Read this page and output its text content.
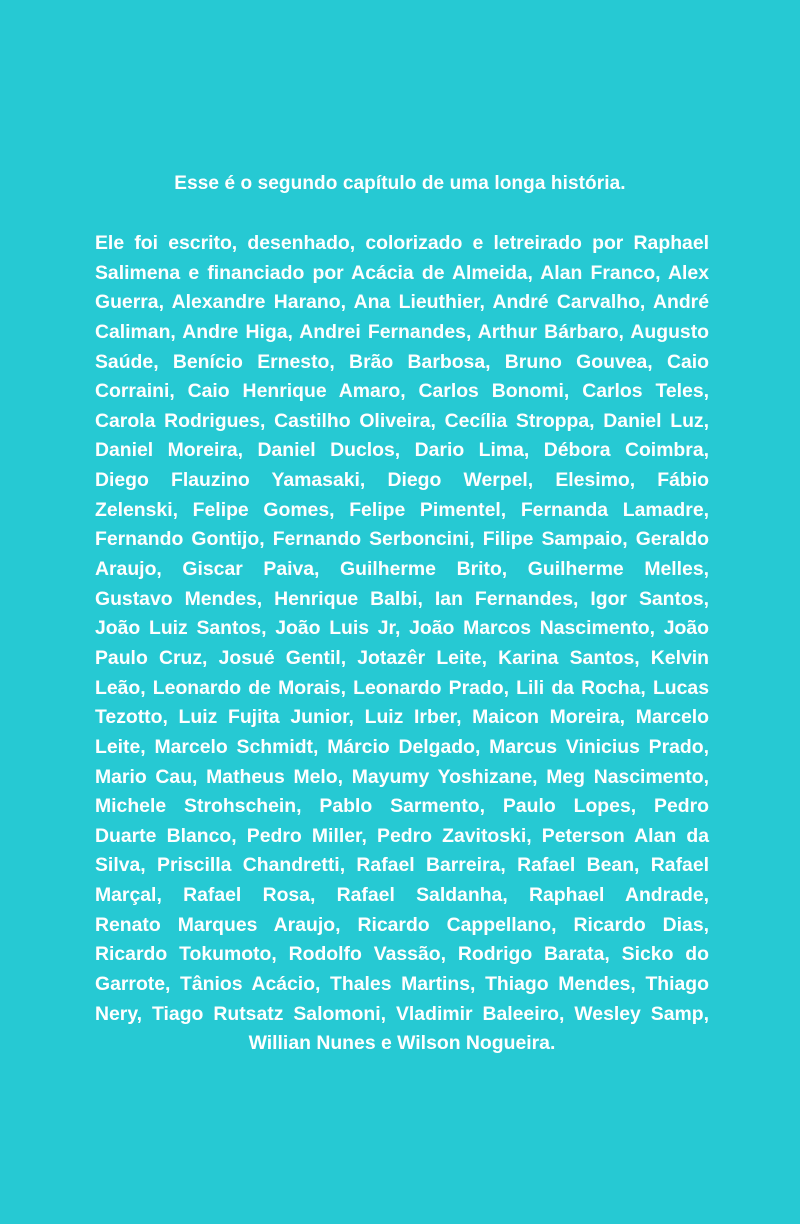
Esse é o segundo capítulo de uma longa história.
Ele foi escrito, desenhado, colorizado e letreirado por Raphael
Salimena e financiado por Acácia de Almeida, Alan Franco, Alex
Guerra, Alexandre Harano, Ana Lieuthier, André Carvalho, André
Caliman, Andre Higa, Andrei Fernandes, Arthur Bárbaro, Augusto
Saúde, Benício Ernesto, Brão Barbosa, Bruno Gouvea, Caio
Corraini, Caio Henrique Amaro, Carlos Bonomi, Carlos Teles,
Carola Rodrigues, Castilho Oliveira, Cecília Stroppa, Daniel Luz,
Daniel Moreira, Daniel Duclos, Dario Lima, Débora Coimbra,
Diego Flauzino Yamasaki, Diego Werpel, Elesimo, Fábio
Zelenski, Felipe Gomes, Felipe Pimentel, Fernanda Lamadre,
Fernando Gontijo, Fernando Serboncini, Filipe Sampaio, Geraldo
Araujo, Giscar Paiva, Guilherme Brito, Guilherme Melles,
Gustavo Mendes, Henrique Balbi, Ian Fernandes, Igor Santos,
João Luiz Santos, João Luis Jr, João Marcos Nascimento, João
Paulo Cruz, Josué Gentil, Jotazêr Leite, Karina Santos, Kelvin
Leão, Leonardo de Morais, Leonardo Prado, Lili da Rocha, Lucas
Tezotto, Luiz Fujita Junior, Luiz Irber, Maicon Moreira, Marcelo
Leite, Marcelo Schmidt, Márcio Delgado, Marcus Vinicius Prado,
Mario Cau, Matheus Melo, Mayumy Yoshizane, Meg Nascimento,
Michele Strohschein, Pablo Sarmento, Paulo Lopes, Pedro
Duarte Blanco, Pedro Miller, Pedro Zavitoski, Peterson Alan da
Silva, Priscilla Chandretti, Rafael Barreira, Rafael Bean, Rafael
Marçal, Rafael Rosa, Rafael Saldanha, Raphael Andrade,
Renato Marques Araujo, Ricardo Cappellano, Ricardo Dias,
Ricardo Tokumoto, Rodolfo Vassão, Rodrigo Barata, Sicko do
Garrote, Tânios Acácio, Thales Martins, Thiago Mendes, Thiago
Nery, Tiago Rutsatz Salomoni, Vladimir Baleeiro, Wesley Samp,
Willian Nunes e Wilson Nogueira.
